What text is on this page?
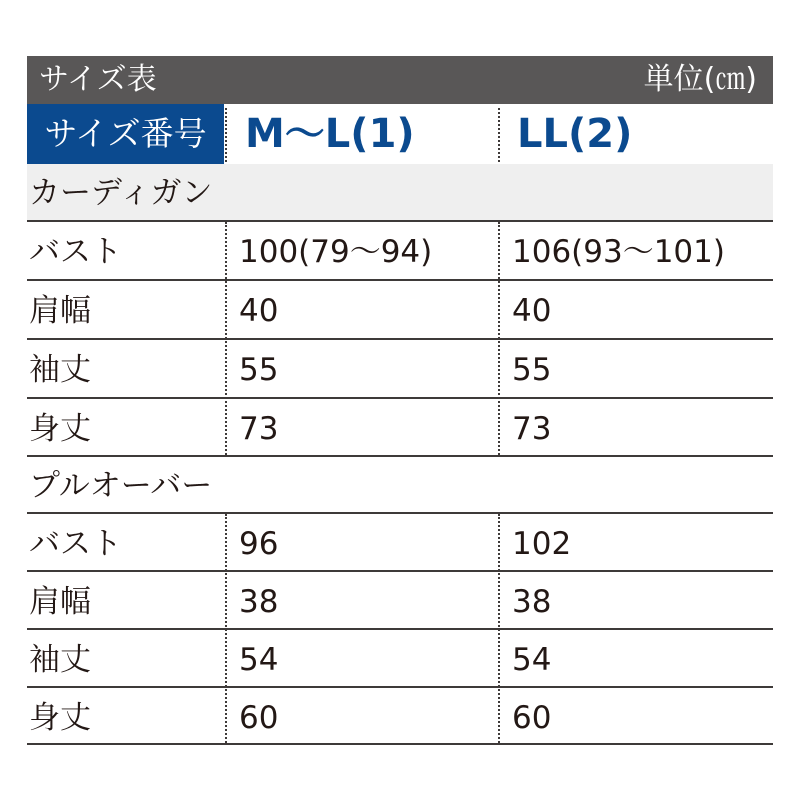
サイズ表	単位(㎝)
サイズ番号 M～L(1)	LL(2)
カーディガン
バスト	100(79～94)	106(93～101)
肩幅	40	40
袖丈	55	55
身丈	73	73
プルオーバー
バスト	96	102
肩幅	38	38
袖丈	54	54
身丈	60	60
